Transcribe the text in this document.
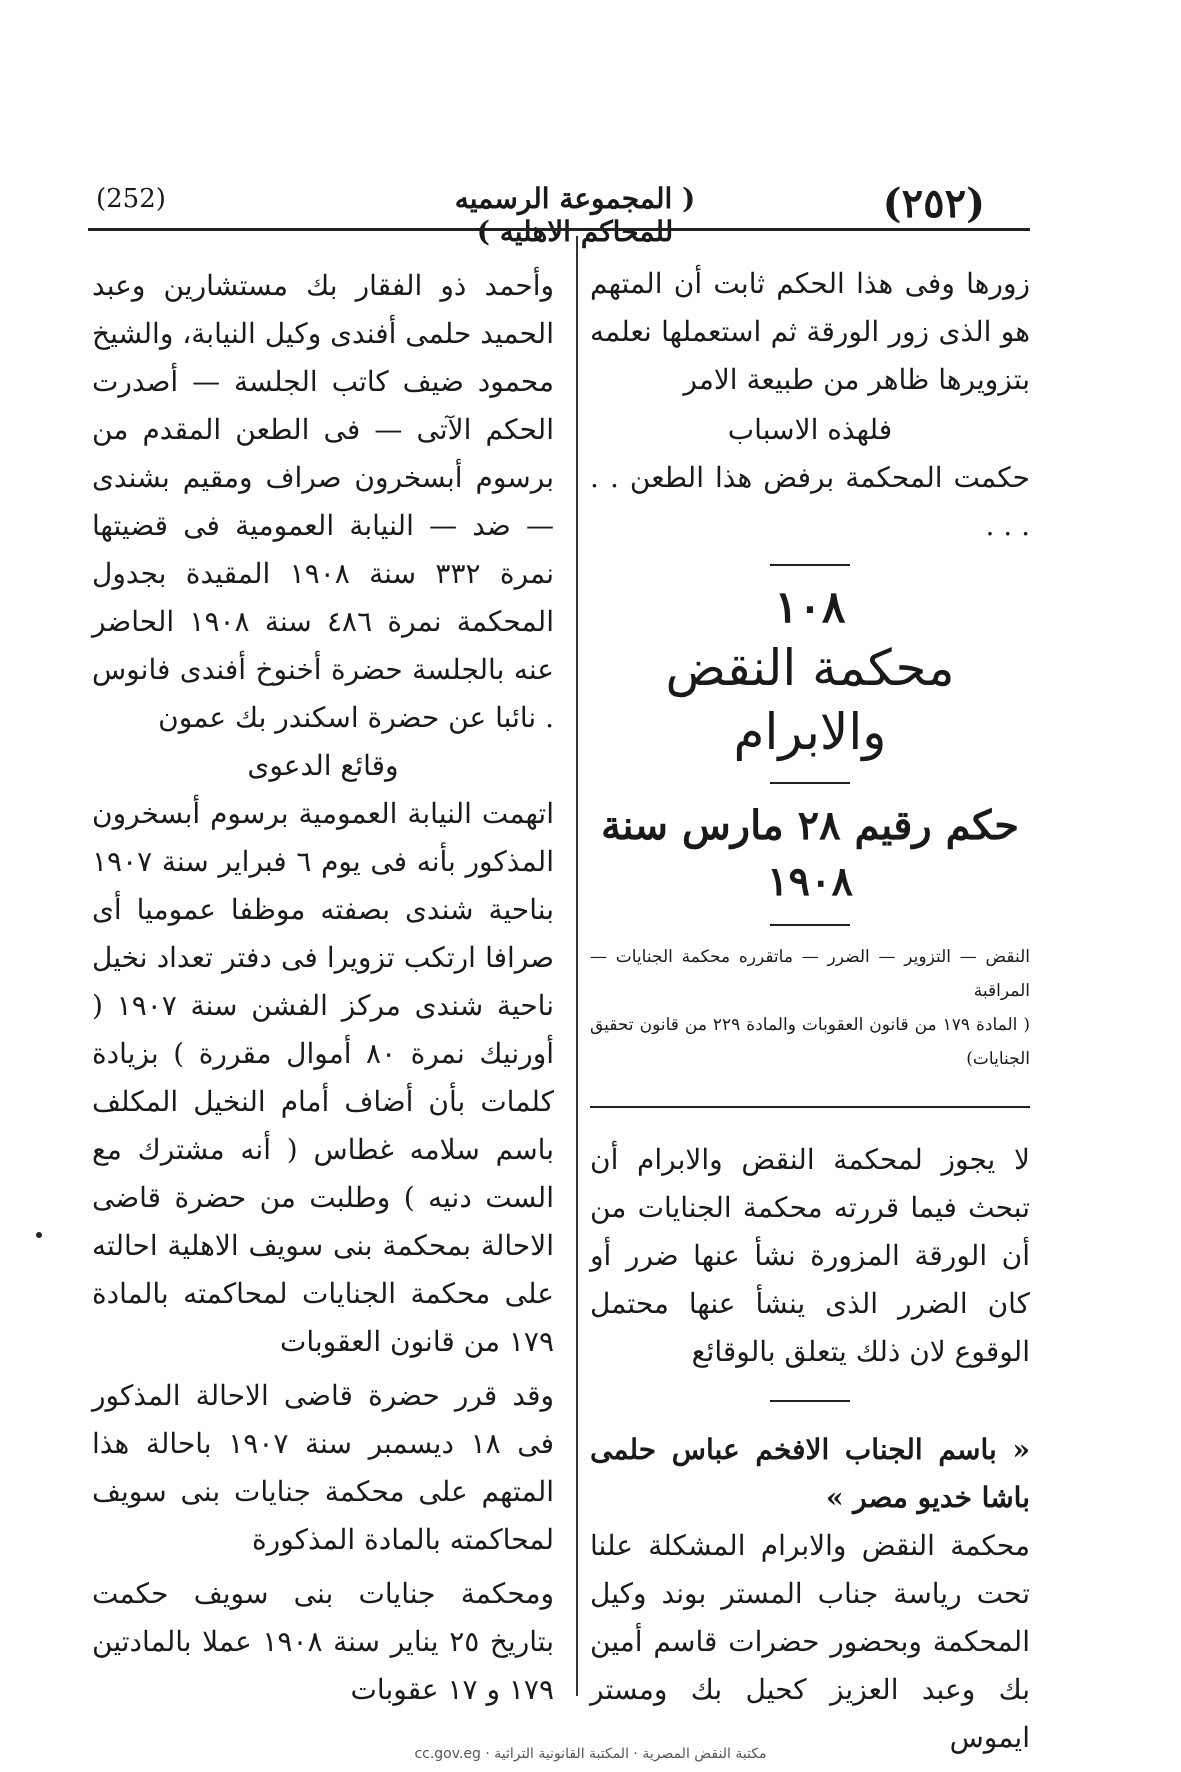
(٢٥٢)
( المجموعة الرسميه للمحاكم الاهليه )
(252)

زورها وفى هذا الحكم ثابت أن المتهم هو الذى زور الورقة ثم استعملها نعلمه بتزويرها ظاهر من طبيعة الامر

فلهذه الاسباب

حكمت المحكمة برفض هذا الطعن . . . . .

١٠٨
محكمة النقض والابرام
حكم رقيم ٢٨ مارس سنة ١٩٠٨

النقض — التزوير — الضرر — ماتقرره محكمة الجنايات — المراقبة

( المادة ١٧٩ من قانون العقوبات والمادة ٢٢٩ من قانون تحقيق الجنايات)

لا يجوز لمحكمة النقض والابرام أن تبحث فيما قررته محكمة الجنايات من أن الورقة المزورة نشأ عنها ضرر أو كان الضرر الذى ينشأ عنها محتمل الوقوع لان ذلك يتعلق بالوقائع

« باسم الجناب الافخم عباس حلمى باشا خديو مصر »

محكمة النقض والابرام المشكلة علنا تحت رياسة جناب المستر بوند وكيل المحكمة وبحضور حضرات قاسم أمين بك وعبد العزيز كحيل بك ومستر ايموس

وأحمد ذو الفقار بك مستشارين وعبد الحميد حلمى أفندى وكيل النيابة، والشيخ محمود ضيف كاتب الجلسة — أصدرت الحكم الآتى — فى الطعن المقدم من برسوم أبسخرون صراف ومقيم بشندى — ضد — النيابة العمومية فى قضيتها نمرة ٣٣٢ سنة ١٩٠٨ المقيدة بجدول المحكمة نمرة ٤٨٦ سنة ١٩٠٨ الحاضر عنه بالجلسة حضرة أخنوخ أفندى فانوس . نائبا عن حضرة اسكندر بك عمون

وقائع الدعوى

اتهمت النيابة العمومية برسوم أبسخرون المذكور بأنه فى يوم ٦ فبراير سنة ١٩٠٧ بناحية شندى بصفته موظفا عموميا أى صرافا ارتكب تزويرا فى دفتر تعداد نخيل ناحية شندى مركز الفشن سنة ١٩٠٧ ( أورنيك نمرة ٨٠ أموال مقررة ) بزيادة كلمات بأن أضاف أمام النخيل المكلف باسم سلامه غطاس ( أنه مشترك مع الست دنيه ) وطلبت من حضرة قاضى الاحالة بمحكمة بنى سويف الاهلية احالته على محكمة الجنايات لمحاكمته بالمادة ١٧٩ من قانون العقوبات

وقد قرر حضرة قاضى الاحالة المذكور فى ١٨ ديسمبر سنة ١٩٠٧ باحالة هذا المتهم على محكمة جنايات بنى سويف لمحاكمته بالمادة المذكورة

ومحكمة جنايات بنى سويف حكمت بتاريخ ٢٥ يناير سنة ١٩٠٨ عملا بالمادتين ١٧٩ و ١٧ عقوبات

cc.gov.eg · مكتبة النقض المصرية · المكتبة القانونية التراثية
